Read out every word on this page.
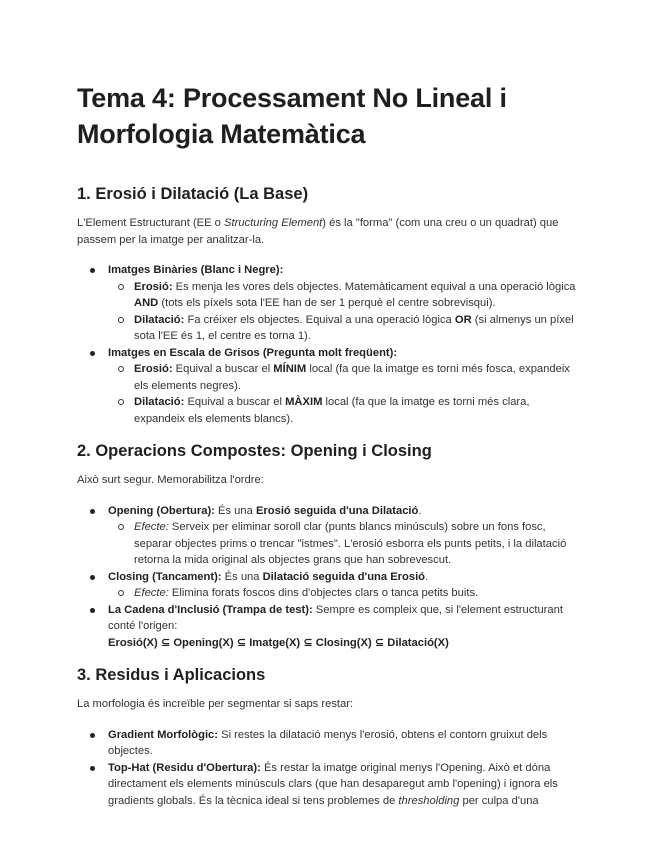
Tema 4: Processament No Lineal i Morfologia Matemàtica
1. Erosió i Dilatació (La Base)

L'Element Estructurant (EE o Structuring Element) és la "forma" (com una creu o un quadrat) que passem per la imatge per analitzar-la.

Imatges Binàries (Blanc i Negre):
Erosió: Es menja les vores dels objectes. Matemàticament equival a una operació lògica AND (tots els píxels sota l'EE han de ser 1 perquè el centre sobrevisqui).
Dilatació: Fa créixer els objectes. Equival a una operació lògica OR (si almenys un píxel sota l'EE és 1, el centre es torna 1).
Imatges en Escala de Grisos (Pregunta molt freqüent):
Erosió: Equival a buscar el MÍNIM local (fa que la imatge es torni més fosca, expandeix els elements negres).
Dilatació: Equival a buscar el MÀXIM local (fa que la imatge es torni més clara, expandeix els elements blancs).
2. Operacions Compostes: Opening i Closing

Això surt segur. Memorabilitza l'ordre:

Opening (Obertura): És una Erosió seguida d'una Dilatació.
Efecte: Serveix per eliminar soroll clar (punts blancs minúsculs) sobre un fons fosc, separar objectes prims o trencar "istmes". L'erosió esborra els punts petits, i la dilatació retorna la mida original als objectes grans que han sobrevescut.
Closing (Tancament): És una Dilatació seguida d'una Erosió.
Efecte: Elimina forats foscos dins d'objectes clars o tanca petits buits.
La Cadena d'Inclusió (Trampa de test): Sempre es compleix que, si l'element estructurant conté l'origen:
Erosió(X) ⊆ Opening(X) ⊆ Imatge(X) ⊆ Closing(X) ⊆ Dilatació(X)
3. Residus i Aplicacions

La morfologia és increïble per segmentar si saps restar:

Gradient Morfològic: Si restes la dilatació menys l'erosió, obtens el contorn gruixut dels objectes.
Top-Hat (Residu d'Obertura): És restar la imatge original menys l'Opening. Això et dóna directament els elements minúsculs clars (que han desaparegut amb l'opening) i ignora els gradients globals. És la tècnica ideal si tens problemes de thresholding per culpa d'una
